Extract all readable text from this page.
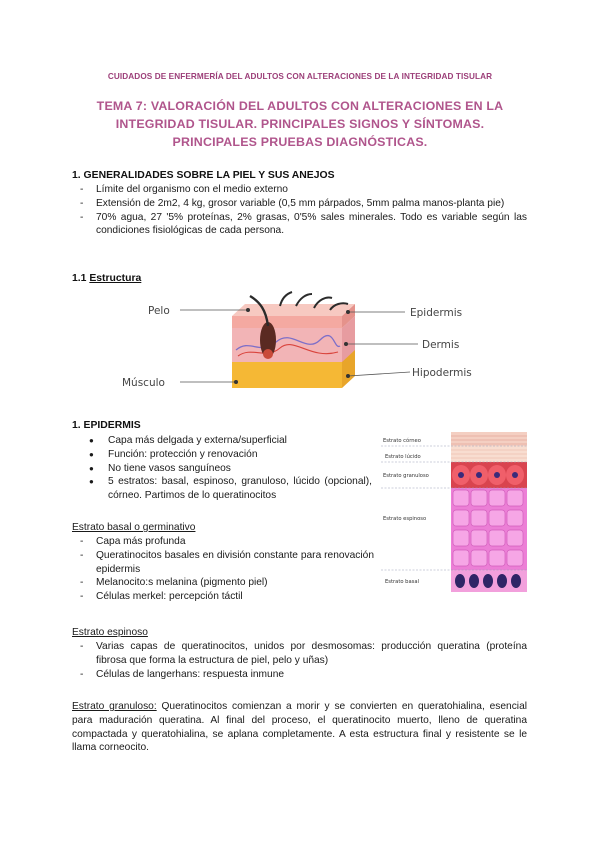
CUIDADOS DE ENFERMERÍA DEL ADULTOS CON ALTERACIONES DE LA INTEGRIDAD TISULAR
TEMA 7: VALORACIÓN DEL ADULTOS CON ALTERACIONES EN LA
INTEGRIDAD TISULAR. PRINCIPALES SIGNOS Y SÍNTOMAS.
PRINCIPALES PRUEBAS DIAGNÓSTICAS.
1. GENERALIDADES SOBRE LA PIEL Y SUS ANEJOS
- Límite del organismo con el medio externo
- Extensión de 2m2, 4 kg, grosor variable (0,5 mm párpados, 5mm palma manos-planta pie)
- 70% agua, 27 '5% proteínas, 2% grasas, 0'5% sales minerales. Todo es variable según las condiciones fisiológicas de cada persona.
1.1 Estructura
Pelo
Músculo
Epidermis
Dermis
Hipodermis
1. EPIDERMIS
● Capa más delgada y externa/superficial
● Función: protección y renovación
● No tiene vasos sanguíneos
● 5 estratos: basal, espinoso, granuloso, lúcido (opcional), córneo. Partimos de lo queratinocitos
Estrato córneo
Estrato lúcido
Estrato granuloso
Estrato espinoso
Estrato basal
Estrato basal o germinativo
- Capa más profunda
- Queratinocitos basales en división constante para renovación epidermis
- Melanocito:s melanina (pigmento piel)
- Células merkel: percepción táctil
Estrato espinoso
- Varias capas de queratinocitos, unidos por desmosomas: producción queratina (proteína fibrosa que forma la estructura de piel, pelo y uñas)
- Células de langerhans: respuesta inmune
Estrato granuloso: Queratinocitos comienzan a morir y se convierten en queratohialina, esencial para maduración queratina. Al final del proceso, el queratinocito muerto, lleno de queratina compactada y queratohialina, se aplana completamente. A esta estructura final y resistente se le llama corneocito.
